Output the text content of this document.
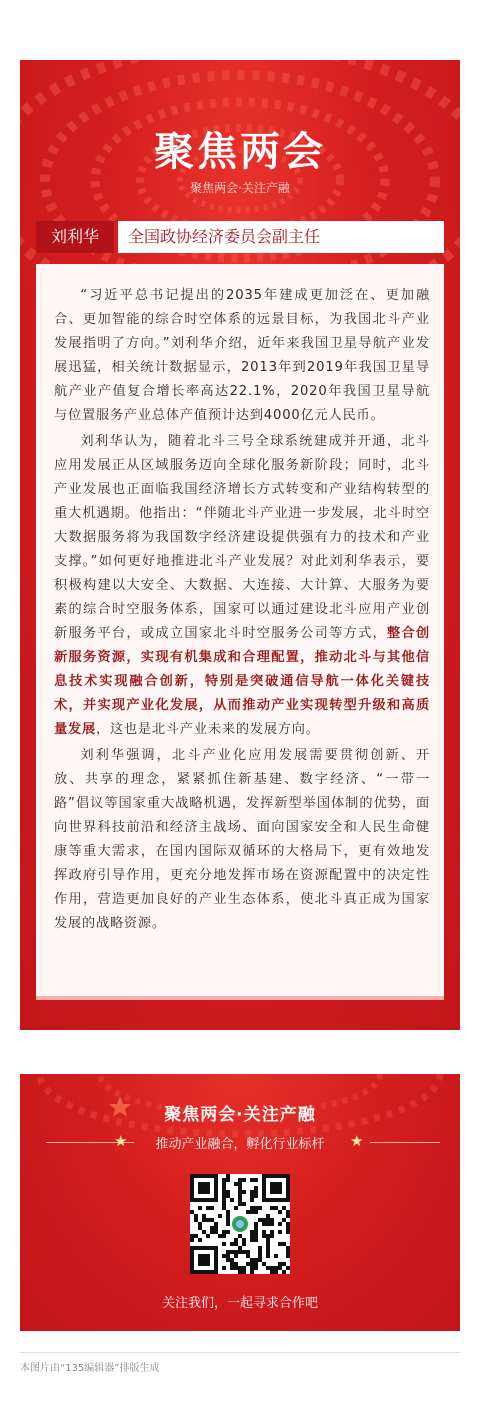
聚焦两会
聚焦两会·关注产融
刘利华	全国政协经济委员会副主任

“习近平总书记提出的2035年建成更加泛在、更加融合、更加智能的综合时空体系的远景目标，为我国北斗产业发展指明了方向。”刘利华介绍，近年来我国卫星导航产业发展迅猛，相关统计数据显示，2013年到2019年我国卫星导航产业产值复合增长率高达22.1%，2020年我国卫星导航与位置服务产业总体产值预计达到4000亿元人民币。

刘利华认为，随着北斗三号全球系统建成并开通，北斗应用发展正从区域服务迈向全球化服务新阶段；同时，北斗产业发展也正面临我国经济增长方式转变和产业结构转型的重大机遇期。他指出：“伴随北斗产业进一步发展，北斗时空大数据服务将为我国数字经济建设提供强有力的技术和产业支撑。”如何更好地推进北斗产业发展？对此刘利华表示，要积极构建以大安全、大数据、大连接、大计算、大服务为要素的综合时空服务体系，国家可以通过建设北斗应用产业创新服务平台，或成立国家北斗时空服务公司等方式，整合创新服务资源，实现有机集成和合理配置，推动北斗与其他信息技术实现融合创新，特别是突破通信导航一体化关键技术，并实现产业化发展，从而推动产业实现转型升级和高质量发展，这也是北斗产业未来的发展方向。

刘利华强调，北斗产业化应用发展需要贯彻创新、开放、共享的理念，紧紧抓住新基建、数字经济、“一带一路”倡议等国家重大战略机遇，发挥新型举国体制的优势，面向世界科技前沿和经济主战场、面向国家安全和人民生命健康等重大需求，在国内国际双循环的大格局下，更有效地发挥政府引导作用，更充分地发挥市场在资源配置中的决定性作用，营造更加良好的产业生态体系，使北斗真正成为国家发展的战略资源。

聚焦两会·关注产融
★	推动产业融合，孵化行业标杆	★
关注我们，一起寻求合作吧
本图片由“135编辑器”排版生成
